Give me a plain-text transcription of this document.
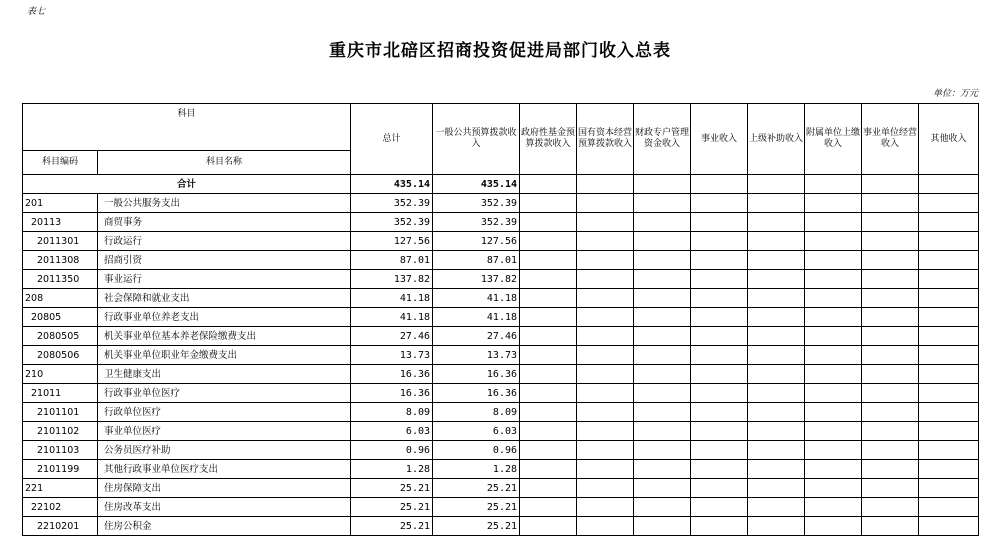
表七
重庆市北碚区招商投资促进局部门收入总表
单位：万元
科目		总计	一般公共预算拨款收入	政府性基金预算拨款收入	国有资本经营预算拨款收入	财政专户管理资金收入	事业收入	上级补助收入	附属单位上缴收入	事业单位经营收入	其他收入
科目编码	科目名称										
合计		435.14	435.14								
201	一般公共服务支出	352.39	352.39								
20113	商贸事务	352.39	352.39								
2011301	行政运行	127.56	127.56								
2011308	招商引资	87.01	87.01								
2011350	事业运行	137.82	137.82								
208	社会保障和就业支出	41.18	41.18								
20805	行政事业单位养老支出	41.18	41.18								
2080505	机关事业单位基本养老保险缴费支出	27.46	27.46								
2080506	机关事业单位职业年金缴费支出	13.73	13.73								
210	卫生健康支出	16.36	16.36								
21011	行政事业单位医疗	16.36	16.36								
2101101	行政单位医疗	8.09	8.09								
2101102	事业单位医疗	6.03	6.03								
2101103	公务员医疗补助	0.96	0.96								
2101199	其他行政事业单位医疗支出	1.28	1.28								
221	住房保障支出	25.21	25.21								
22102	住房改革支出	25.21	25.21								
2210201	住房公积金	25.21	25.21								
